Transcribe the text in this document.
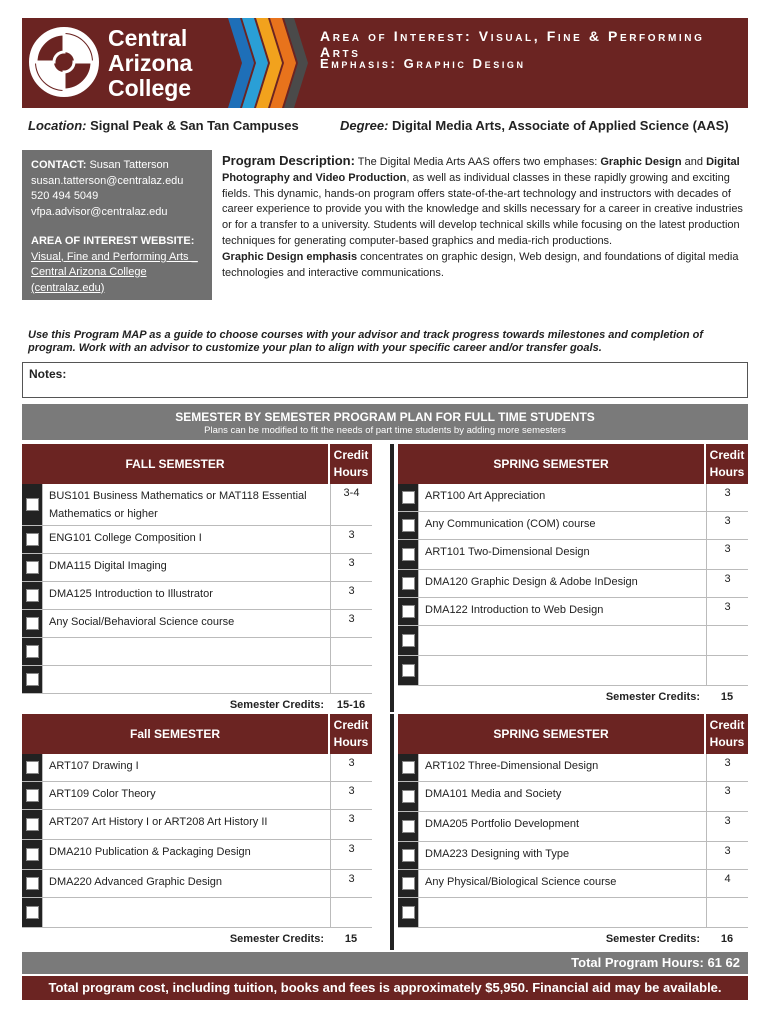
Central
Arizona
College
Area of Interest: Visual, Fine & Performing Arts
Emphasis: Graphic Design
Location: Signal Peak & San Tan Campuses	Degree: Digital Media Arts, Associate of Applied Science (AAS)
CONTACT: Susan Tatterson
susan.tatterson@centralaz.edu
520 494 5049
vfpa.advisor@centralaz.edu
AREA OF INTEREST WEBSITE:
Visual, Fine and Performing Arts _ Central Arizona College (centralaz.edu)

Program Description: The Digital Media Arts AAS offers two emphases: Graphic Design and Digital Photography and Video Production, as well as individual classes in these rapidly growing and exciting fields. This dynamic, hands-on program offers state-of-the-art technology and instructors with decades of career experience to provide you with the knowledge and skills necessary for a career in creative industries or for a transfer to a university. Students will develop technical skills while focusing on the latest production techniques for generating computer-based graphics and media-rich productions.

Graphic Design emphasis concentrates on graphic design, Web design, and foundations of digital media technologies and interactive communications.

Use this Program MAP as a guide to choose courses with your advisor and track progress towards milestones and completion of program. Work with an advisor to customize your plan to align with your specific career and/or transfer goals.
Notes:
SEMESTER BY SEMESTER PROGRAM PLAN FOR FULL TIME STUDENTS
Plans can be modified to fit the needs of part time students by adding more semesters
FALL SEMESTER
Credit
Hours
BUS101 Business Mathematics or MAT118 Essential Mathematics or higher
3-4
ENG101 College Composition I	3
DMA115 Digital Imaging	3
DMA125 Introduction to Illustrator	3
Any Social/Behavioral Science course	3
Semester Credits:	15-16
SPRING SEMESTER
Credit
Hours
ART100 Art Appreciation	3
Any Communication (COM) course	3
ART101 Two-Dimensional Design	3
DMA120 Graphic Design & Adobe InDesign	3
DMA122 Introduction to Web Design	3
Semester Credits:	15
Fall SEMESTER
Credit
Hours
ART107 Drawing I	3
ART109 Color Theory	3
ART207 Art History I or ART208 Art History II	3
DMA210 Publication & Packaging Design	3
DMA220 Advanced Graphic Design	3
Semester Credits:	15
SPRING SEMESTER
Credit
Hours
ART102 Three-Dimensional Design	3
DMA101 Media and Society	3
DMA205 Portfolio Development	3
DMA223 Designing with Type	3
Any Physical/Biological Science course	4
Semester Credits:	16
Total Program Hours: 61 62
Total program cost, including tuition, books and fees is approximately $5,950. Financial aid may be available.
